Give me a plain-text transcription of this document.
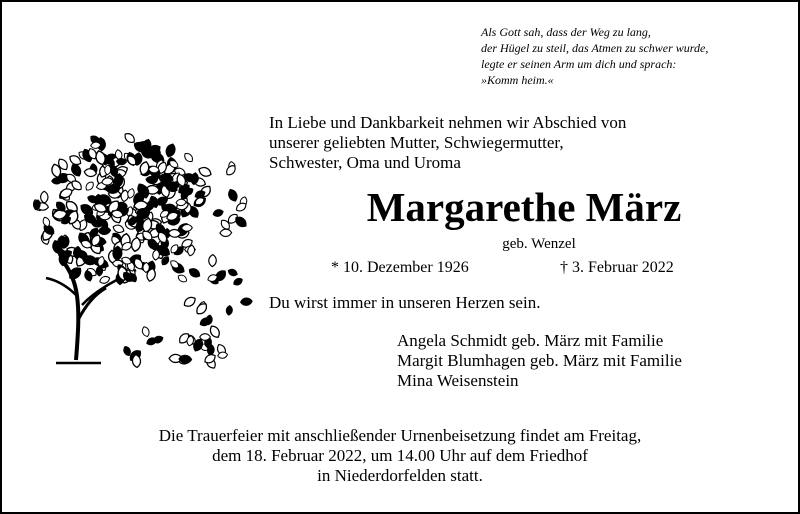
Als Gott sah, dass der Weg zu lang,
der Hügel zu steil, das Atmen zu schwer wurde,
legte er seinen Arm um dich und sprach:
»Komm heim.«
In Liebe und Dankbarkeit nehmen wir Abschied von
unserer geliebten Mutter, Schwiegermutter,
Schwester, Oma und Uroma
Margarethe März
geb. Wenzel
* 10. Dezember 1926	† 3. Februar 2022
Du wirst immer in unseren Herzen sein.
Angela Schmidt geb. März mit Familie
Margit Blumhagen geb. März mit Familie
Mina Weisenstein
Die Trauerfeier mit anschließender Urnenbeisetzung findet am Freitag,
dem 18. Februar 2022, um 14.00 Uhr auf dem Friedhof
in Niederdorfelden statt.
